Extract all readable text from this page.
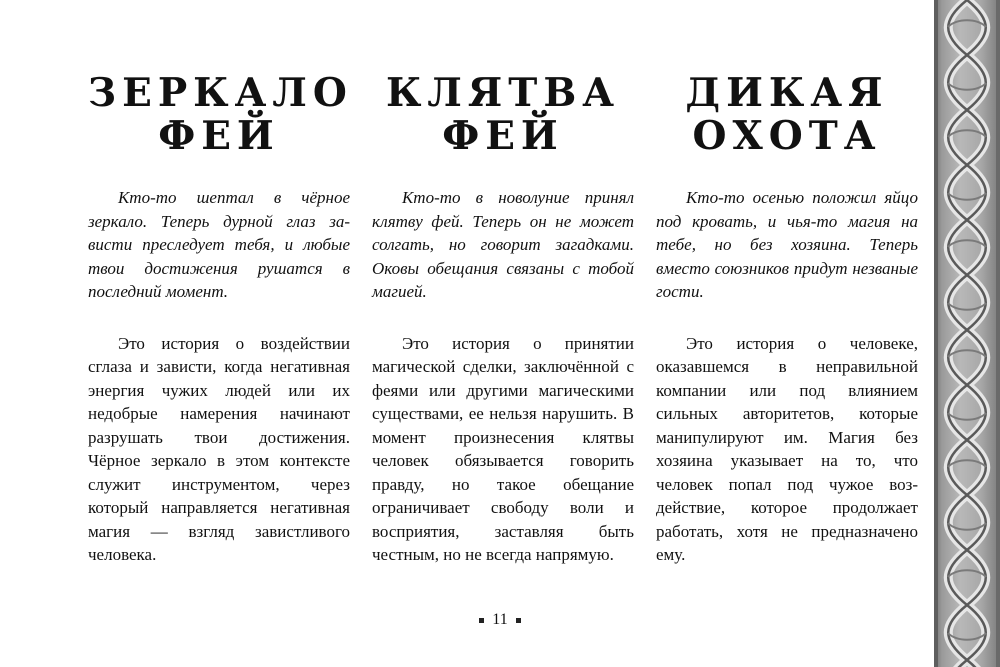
ЗЕРКАЛО
ФЕЙ

Кто-то шептал в чёрное зеркало. Теперь дурной глаз зависти преследует тебя, и любые твои достижения рушатся в последний момент.

Это история о воздействии сглаза и зависти, когда негативная энергия чужих людей или их недобрые намерения начинают разрушать твои достижения. Чёрное зеркало в этом контексте служит инструментом, через который направляется негативная магия — взгляд завистливого человека.

КЛЯТВА
ФЕЙ

Кто-то в новолуние принял клятву фей. Теперь он не может солгать, но говорит загадками. Оковы обещания связаны с тобой магией.

Это история о принятии магической сделки, заключённой с феями или другими магическими существами, ее нельзя нарушить. В момент произнесения клятвы человек обязывается говорить правду, но такое обещание ограничивает свободу воли и восприятия, заставляя быть честным, но не всегда напрямую.

ДИКАЯ
ОХОТА

Кто-то осенью положил яйцо под кровать, и чья-то магия на тебе, но без хозяина. Теперь вместо союзников придут незваные гости.

Это история о человеке, оказавшемся в неправильной компании или под влиянием сильных авторитетов, которые манипулируют им. Магия без хозяина указывает на то, что человек попал под чужое воздействие, которое продолжает работать, хотя не предназначено ему.

11
